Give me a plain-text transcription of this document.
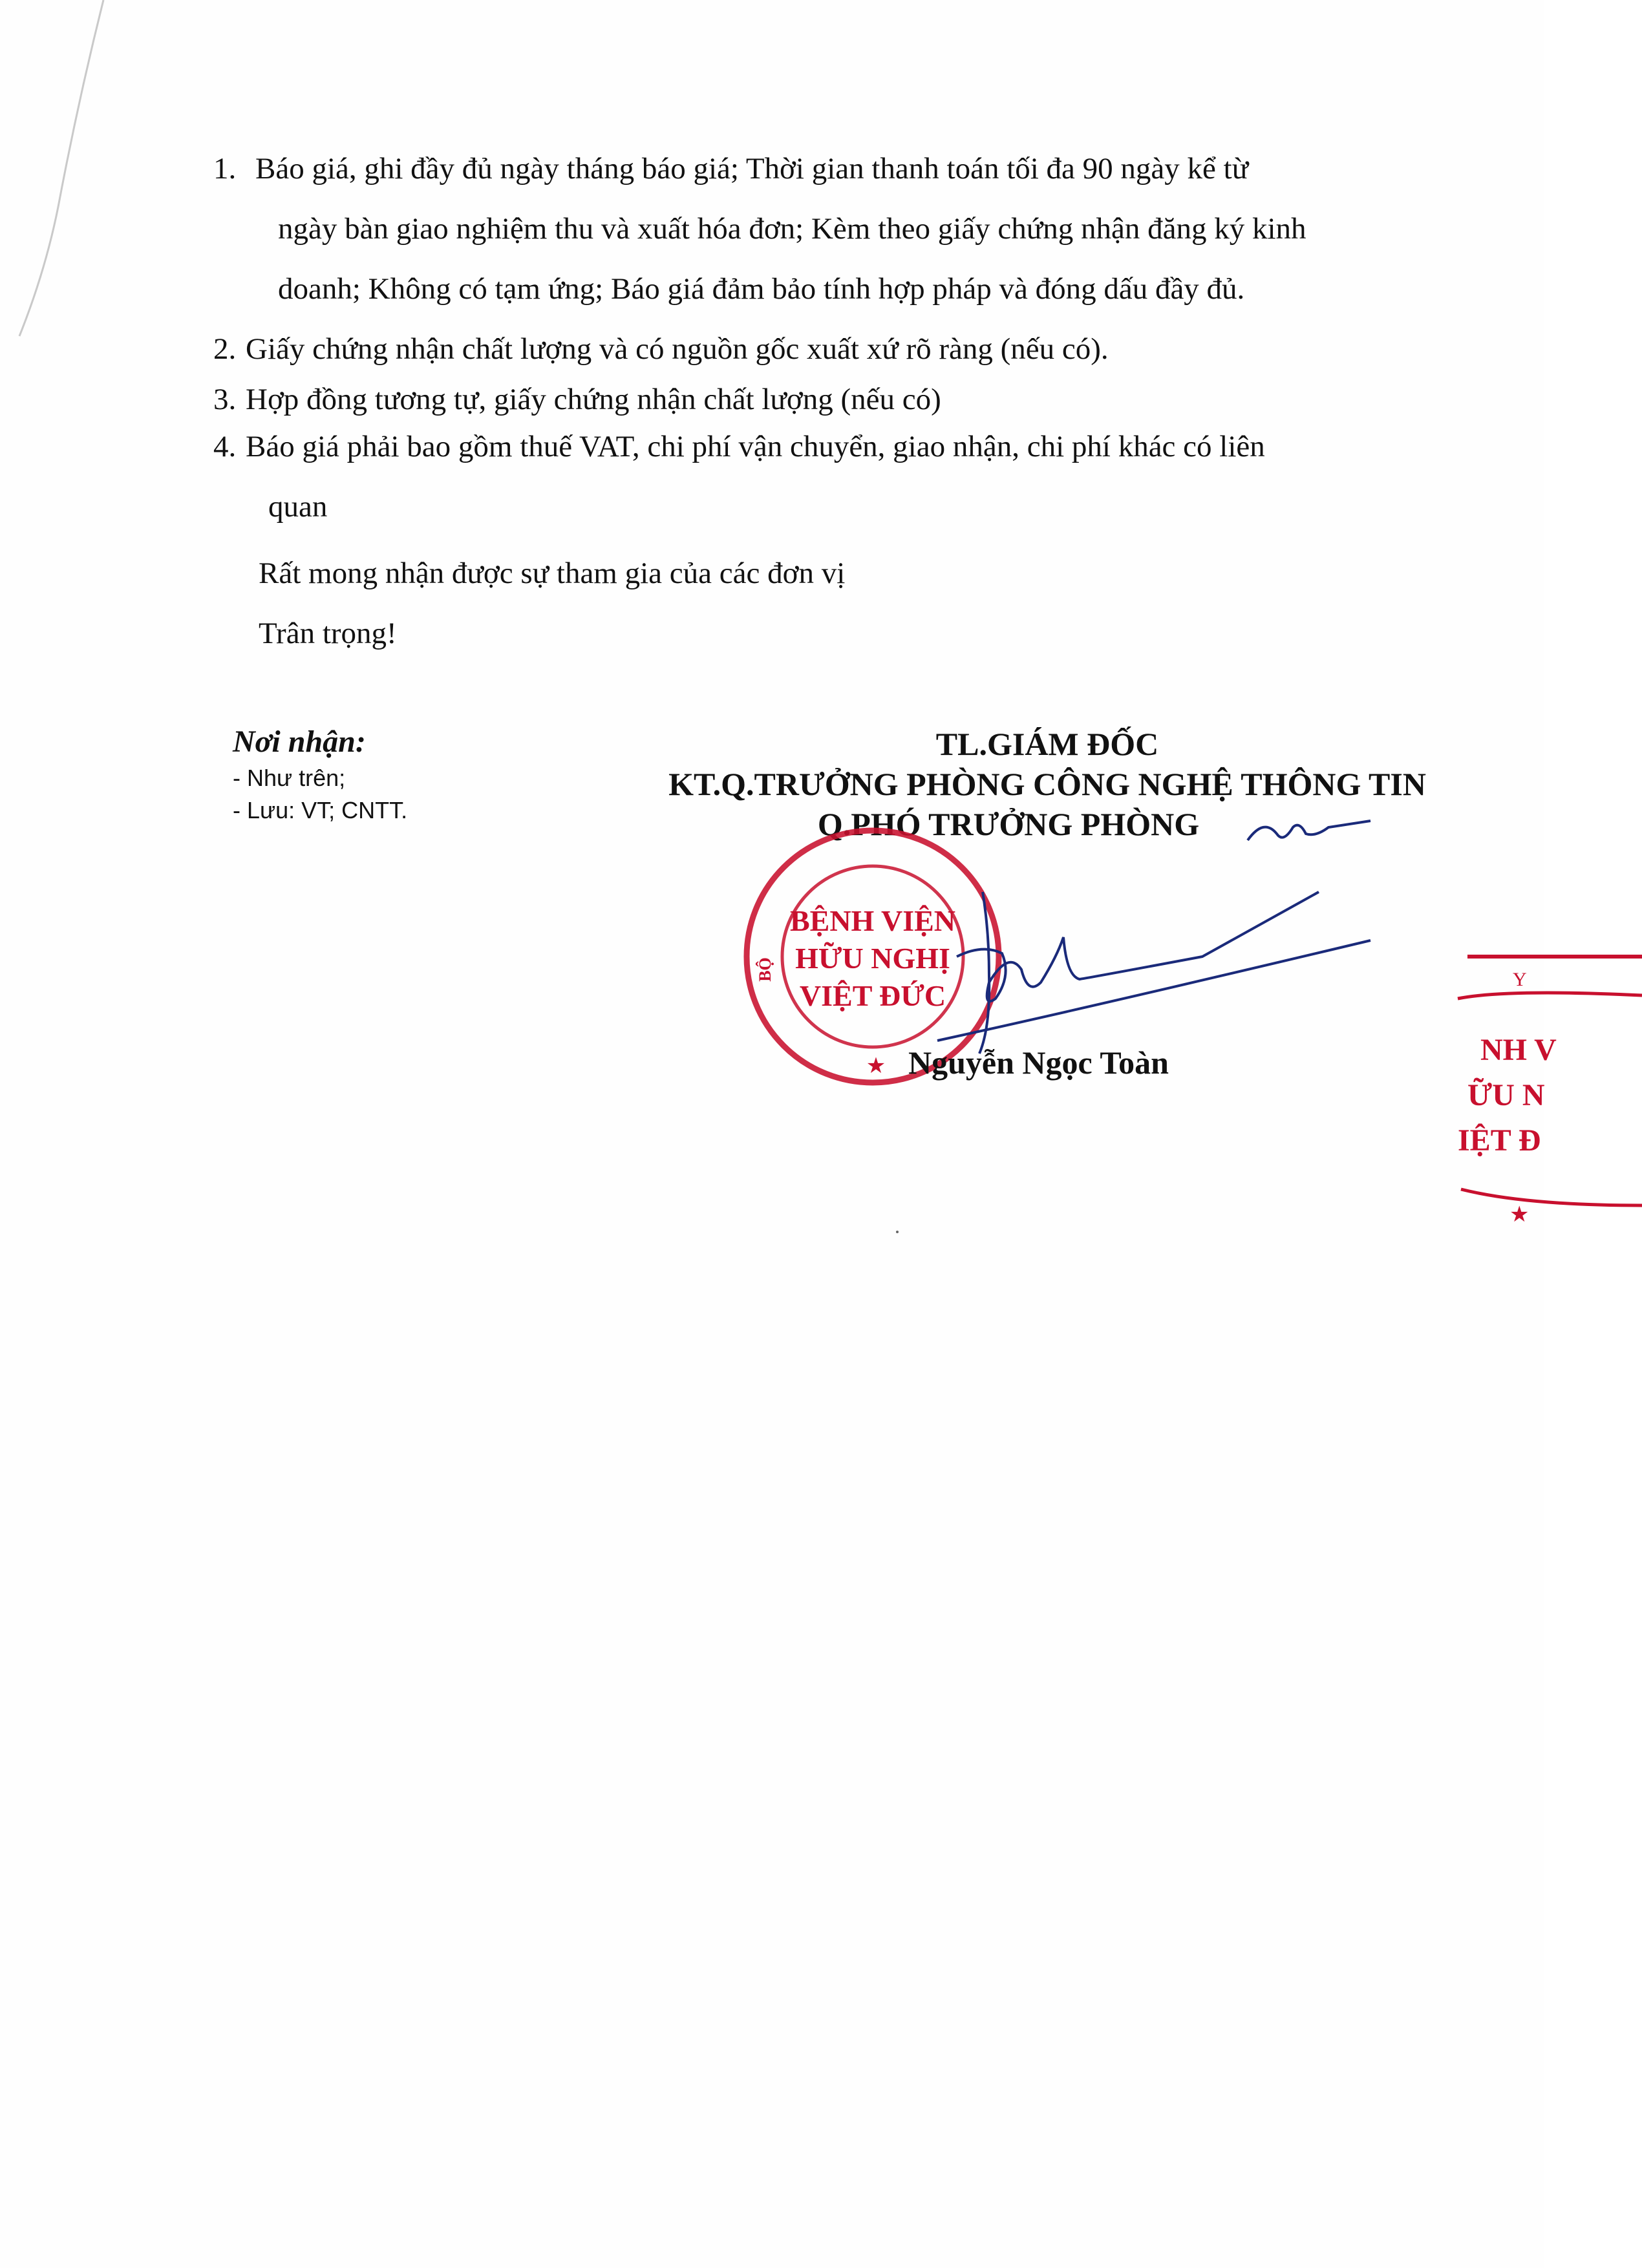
1. Báo giá, ghi đầy đủ ngày tháng báo giá; Thời gian thanh toán tối đa 90 ngày kể từ
ngày bàn giao nghiệm thu và xuất hóa đơn; Kèm theo giấy chứng nhận đăng ký kinh
doanh; Không có tạm ứng; Báo giá đảm bảo tính hợp pháp và đóng dấu đầy đủ.
2. Giấy chứng nhận chất lượng và có nguồn gốc xuất xứ rõ ràng (nếu có).
3. Hợp đồng tương tự, giấy chứng nhận chất lượng (nếu có)
4. Báo giá phải bao gồm thuế VAT, chi phí vận chuyển, giao nhận, chi phí khác có liên
quan
Rất mong nhận được sự tham gia của các đơn vị
Trân trọng!
Nơi nhận:
- Như trên;
- Lưu: VT; CNTT.
TL.GIÁM ĐỐC
KT.Q.TRƯỞNG PHÒNG CÔNG NGHỆ THÔNG TIN
Q.PHÓ TRƯỞNG PHÒNG
BỆNH VIỆN
HỮU NGHỊ
VIỆT ĐỨC
BỘ
★ Nguyễn Ngọc Toàn
Y
NH V
ỮU N
IỆT Đ
★
